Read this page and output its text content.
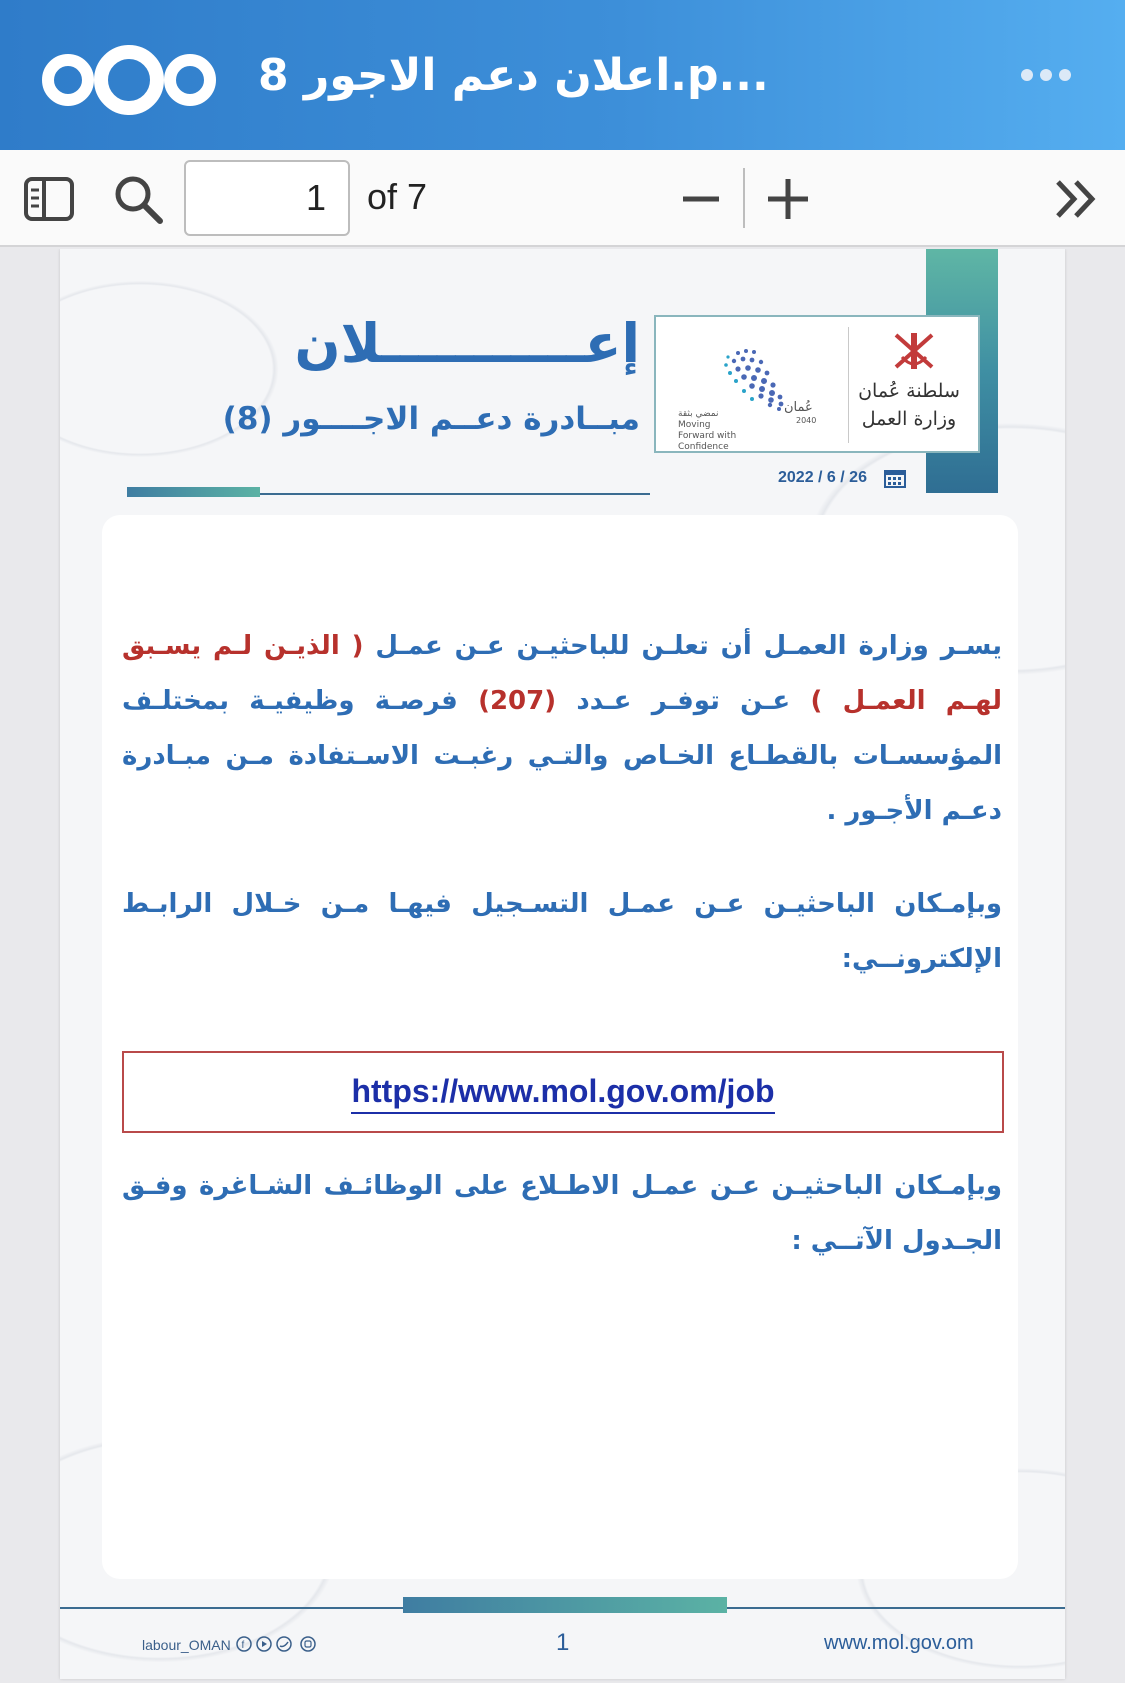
اعلان دعم الاجور 8.p...
1
of 7
عُمان
2040
نمضي بثقة Moving Forward with Confidence
سلطنة عُمان
وزارة العمل
2022 / 6 / 26
إعـــــــــــلان
مبــادرة دعــم الاجــــور (8)

يسـر وزارة العمـل أن تعلـن للباحثيـن عـن عمـل ( الذيـن لـم يسـبق لهـم العمـل ) عـن توفـر عـدد (207) فرصـة وظيفيـة بمختلـف المؤسسـات بالقطـاع الخـاص والتـي رغبـت الاسـتفادة مـن مبـادرة دعـم الأجـور .

وبإمـكان الباحثيـن عـن عمـل التسـجيل فيهـا مـن خـلال الرابـط الإلكترونــي:

https://www.mol.gov.om/job

وبإمـكان الباحثيـن عـن عمـل الاطـلاع على الوظائـف الشـاغرة وفـق الجـدول الآتــي :

labour_OMAN f	1	www.mol.gov.om
